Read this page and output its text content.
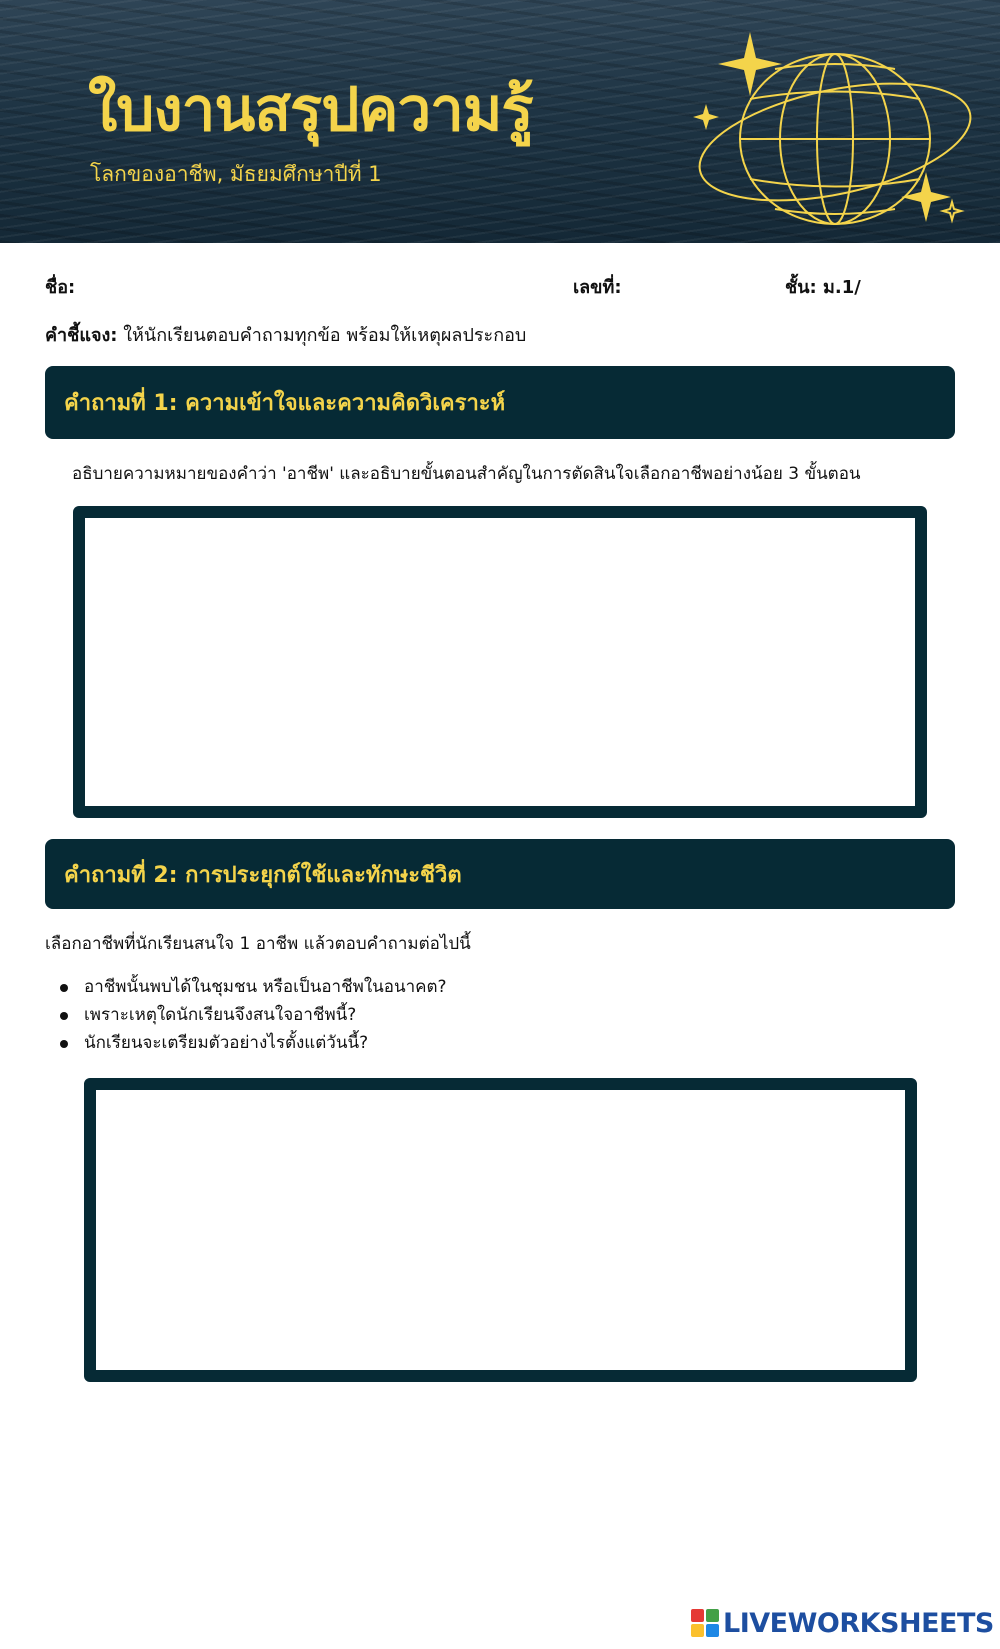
ใบงานสรุปความรู้
โลกของอาชีพ, มัธยมศึกษาปีที่ 1
ชื่อ:	เลขที่:	ชั้น: ม.1/
คำชี้แจง: ให้นักเรียนตอบคำถามทุกข้อ พร้อมให้เหตุผลประกอบ
คำถามที่ 1: ความเข้าใจและความคิดวิเคราะห์
อธิบายความหมายของคำว่า 'อาชีพ' และอธิบายขั้นตอนสำคัญในการตัดสินใจเลือกอาชีพอย่างน้อย 3 ขั้นตอน
คำถามที่ 2: การประยุกต์ใช้และทักษะชีวิต
เลือกอาชีพที่นักเรียนสนใจ 1 อาชีพ แล้วตอบคำถามต่อไปนี้
อาชีพนั้นพบได้ในชุมชน หรือเป็นอาชีพในอนาคต?
เพราะเหตุใดนักเรียนจึงสนใจอาชีพนี้?
นักเรียนจะเตรียมตัวอย่างไรตั้งแต่วันนี้?
LIVEWORKSHEETS
